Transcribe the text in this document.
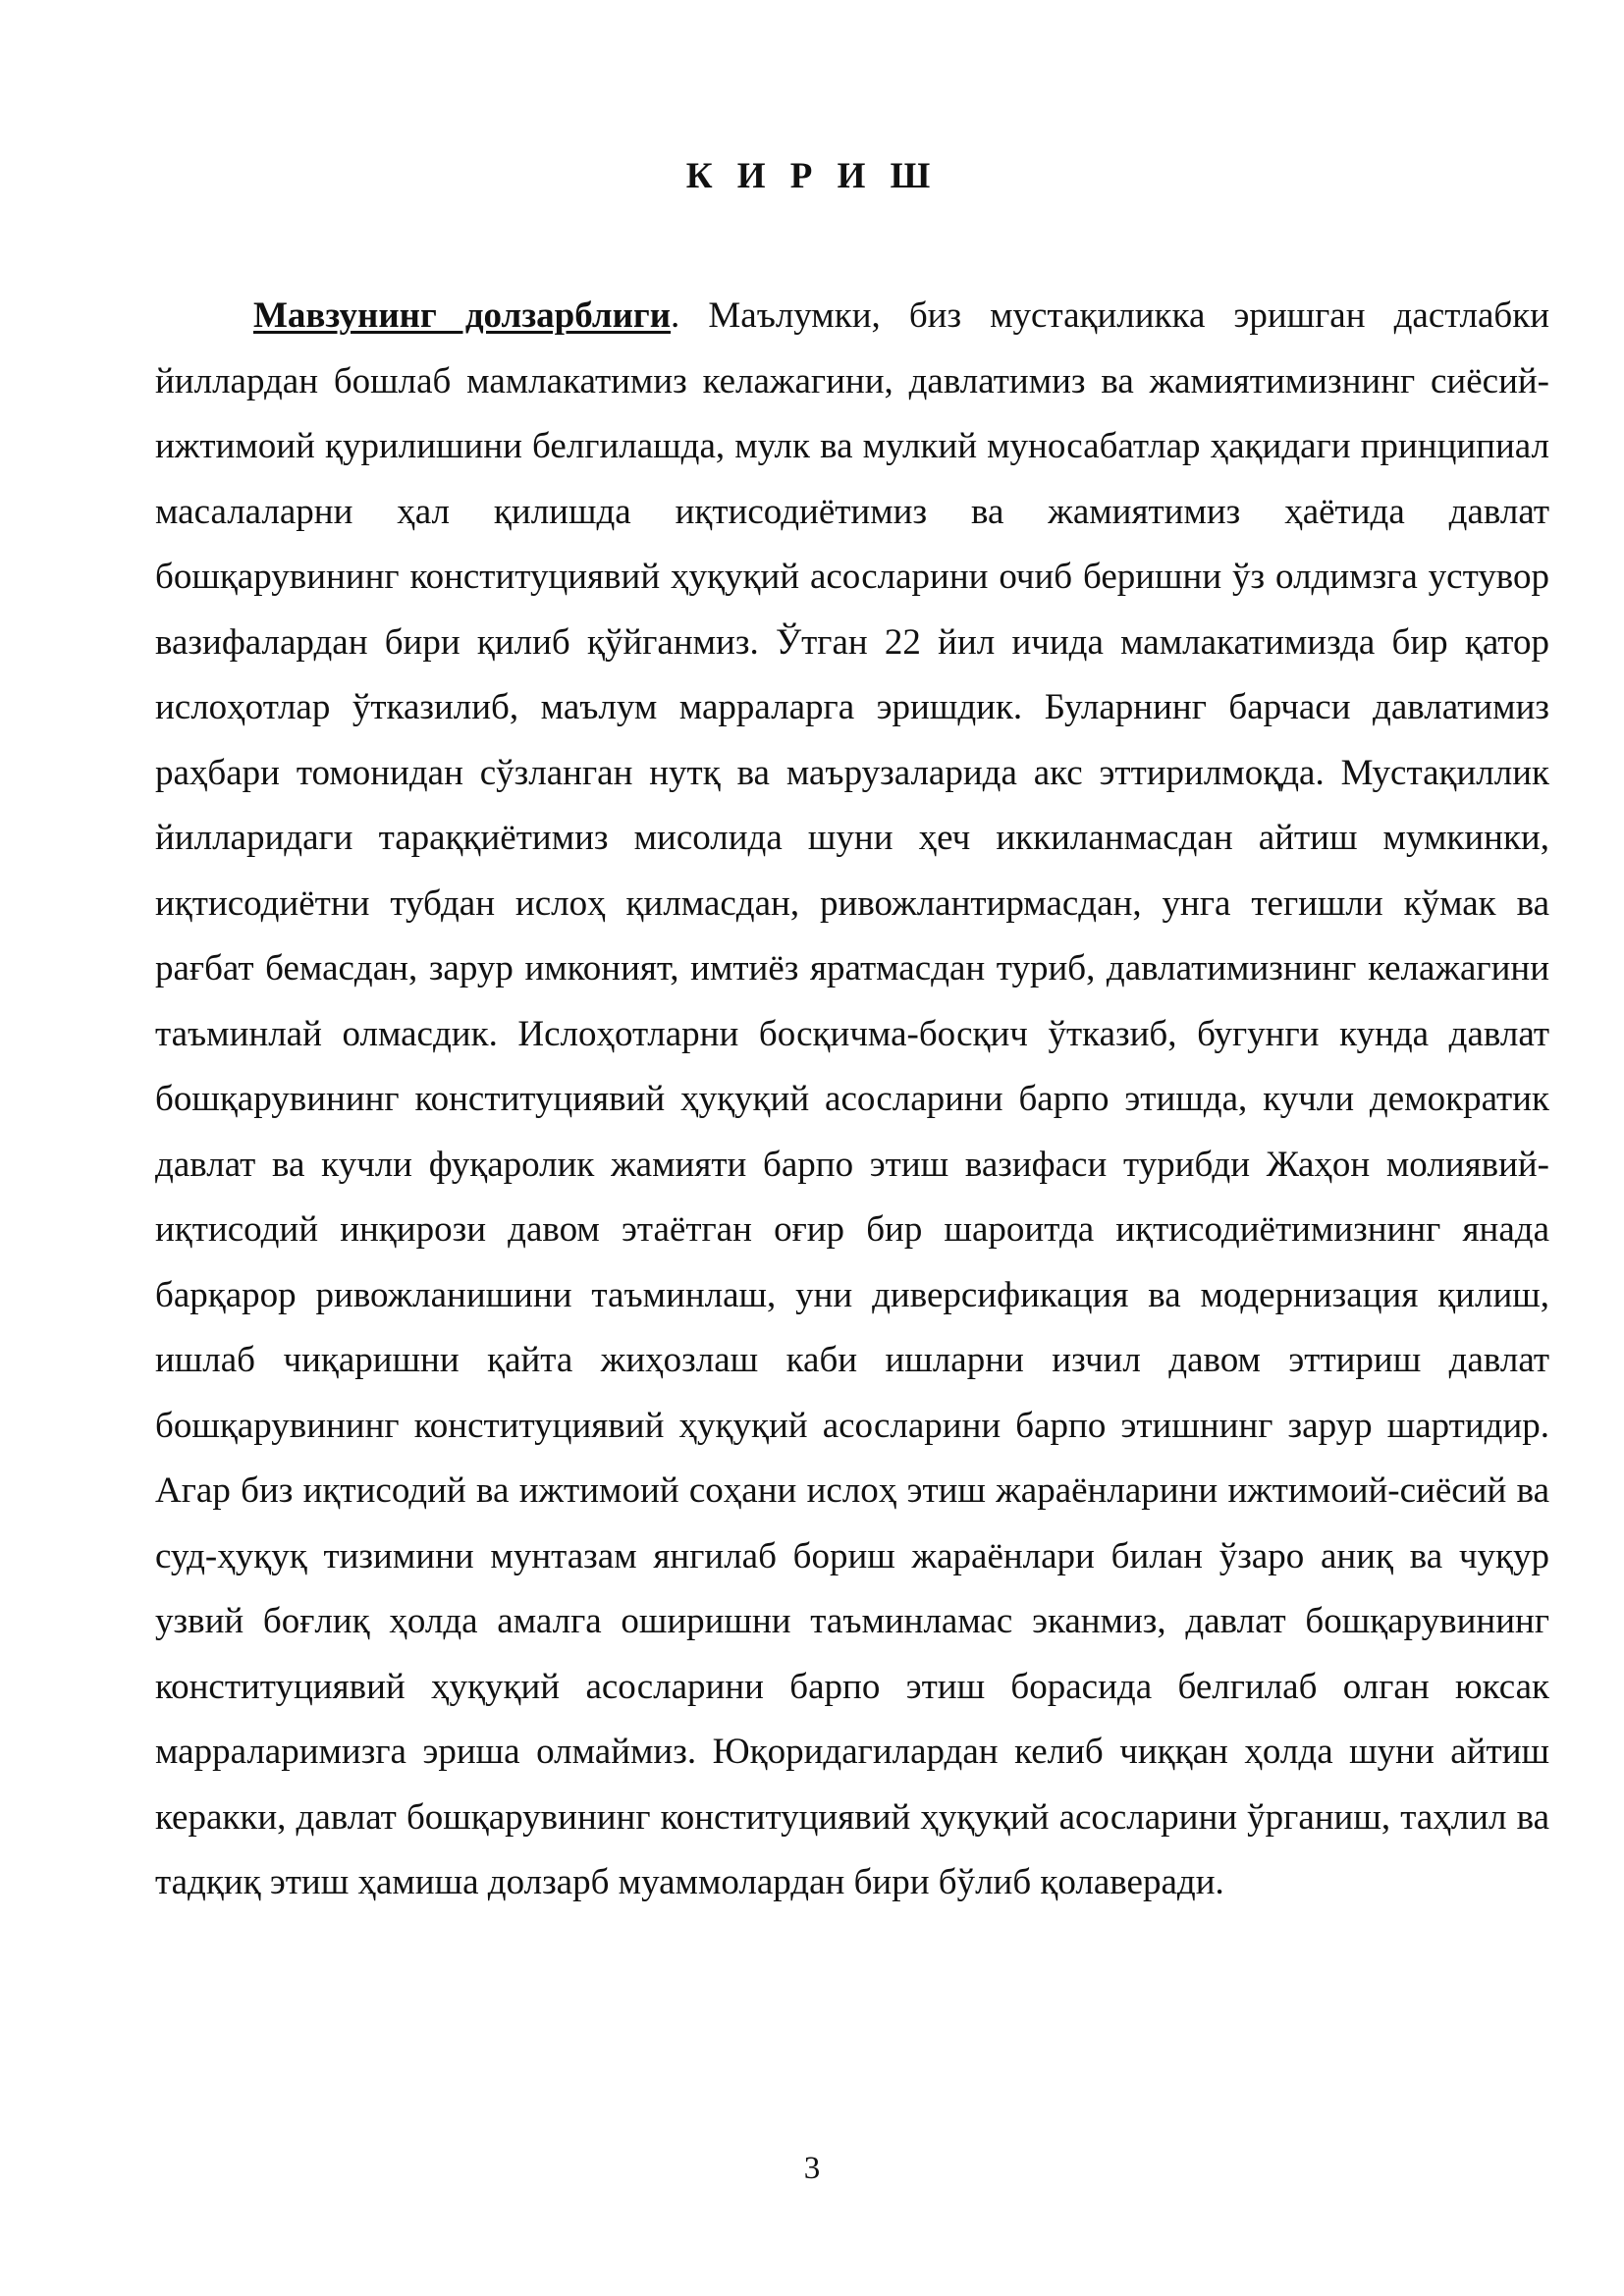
К И Р И Ш

Мавзунинг долзарблиги. Маълумки, биз мустақиликка эришган дастлабки йиллардан бошлаб мамлакатимиз келажагини, давлатимиз ва жамиятимизнинг сиёсий-ижтимоий қурилишини белгилашда, мулк ва мулкий муносабатлар ҳақидаги принципиал масалаларни ҳал қилишда иқтисодиётимиз ва жамиятимиз ҳаётида давлат бошқарувининг конституциявий ҳуқуқий асосларини очиб беришни ўз олдимзга устувор вазифалардан бири қилиб қўйганмиз. Ўтган 22 йил ичида мамлакатимизда бир қатор ислоҳотлар ўтказилиб, маълум марраларга эришдик. Буларнинг барчаси давлатимиз раҳбари томонидан сўзланган нутқ ва маърузаларида акс эттирилмоқда. Мустақиллик йилларидаги тараққиётимиз мисолида шуни ҳеч иккиланмасдан айтиш мумкинки, иқтисодиётни тубдан ислоҳ қилмасдан, ривожлантирмасдан, унга тегишли кўмак ва рағбат бемасдан, зарур имконият, имтиёз яратмасдан туриб, давлатимизнинг келажагини таъминлай олмасдик. Ислоҳотларни босқичма-босқич ўтказиб, бугунги кунда давлат бошқарувининг конституциявий ҳуқуқий асосларини барпо этишда, кучли демократик давлат ва кучли фуқаролик жамияти барпо этиш вазифаси турибди Жаҳон молиявий-иқтисодий инқирози давом этаётган оғир бир шароитда иқтисодиётимизнинг янада барқарор ривожланишини таъминлаш, уни диверсификация ва модернизация қилиш, ишлаб чиқаришни қайта жиҳозлаш каби ишларни изчил давом эттириш давлат бошқарувининг конституциявий ҳуқуқий асосларини барпо этишнинг зарур шартидир. Агар биз иқтисодий ва ижтимоий соҳани ислоҳ этиш жараёнларини ижтимоий-сиёсий ва суд-ҳуқуқ тизимини мунтазам янгилаб бориш жараёнлари билан ўзаро аниқ ва чуқур узвий боғлиқ ҳолда амалга оширишни таъминламас эканмиз, давлат бошқарувининг конституциявий ҳуқуқий асосларини барпо этиш борасида белгилаб олган юксак марраларимизга эриша олмаймиз. Юқоридагилардан келиб чиққан ҳолда шуни айтиш керакки, давлат бошқарувининг конституциявий ҳуқуқий асосларини ўрганиш, таҳлил ва тадқиқ этиш ҳамиша долзарб муаммолардан бири бўлиб қолаверади.

3
